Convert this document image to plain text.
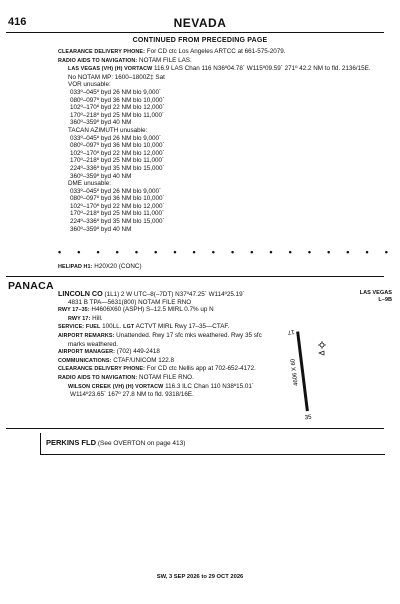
416	NEVADA
CONTINUED FROM PRECEDING PAGE
CLEARANCE DELIVERY PHONE: For CD ctc Los Angeles ARTCC at 661-575-2079.
RADIO AIDS TO NAVIGATION: NOTAM FILE LAS.
LAS VEGAS (VH) (H) VORTACW 116.9 LAS Chan 116 N36º04.78´ W115º09.59´ 271º 42.2 NM to fld. 2136/15E.
No NOTAM MP: 1600–1800Z‡ Sat
VOR unusable:
033º–045º byd 26 NM blo 9,000´
080º–097º byd 36 NM blo 10,000´
102º–170º byd 22 NM blo 12,000´
170º–218º byd 25 NM blo 11,000´
360º–359º byd 40 NM
TACAN AZIMUTH unusable:
033º–045º byd 26 NM blo 9,000´
080º–097º byd 36 NM blo 10,000´
102º–170º byd 22 NM blo 12,000´
170º–218º byd 25 NM blo 11,000´
224º–336º byd 35 NM blo 15,000´
360º–359º byd 40 NM
DME unusable:
033º–045º byd 26 NM blo 9,000´
080º–097º byd 36 NM blo 10,000´
102º–170º byd 22 NM blo 12,000´
170º–218º byd 25 NM blo 11,000´
224º–336º byd 35 NM blo 15,000´
360º–359º byd 40 NM
• • • • • • • • • • • • • • • • • •
HELIPAD H1: H20X20 (CONC)
PANACA
LINCOLN CO (1L1) 2 W UTC–8(–7DT) N37º47.25´ W114º25.19´
4831 B TPA—5631(800) NOTAM FILE RNO
RWY 17–35: H4606X60 (ASPH) S–12.5 MIRL 0.7% up N
RWY 17: Hill.
SERVICE: FUEL 100LL. LGT ACTVT MIRL Rwy 17–35—CTAF.
AIRPORT REMARKS: Unattended. Rwy 17 sfc mks weathered. Rwy 35 sfc
marks weathered.
AIRPORT MANAGER: (702) 449-2418
COMMUNICATIONS: CTAF/UNICOM 122.8
CLEARANCE DELIVERY PHONE: For CD ctc Nellis app at 702-652-4172.
RADIO AIDS TO NAVIGATION: NOTAM FILE RNO.
WILSON CREEK (VH) (H) VORTACW 116.3 ILC Chan 110 N38º15.01´
W114º23.65´ 167º 27.8 NM to fld. 9318/16E.
LAS VEGAS
L–9B
17
35
4606 X 60
PERKINS FLD (See OVERTON on page 413)
SW, 3 SEP 2026 to 29 OCT 2026
